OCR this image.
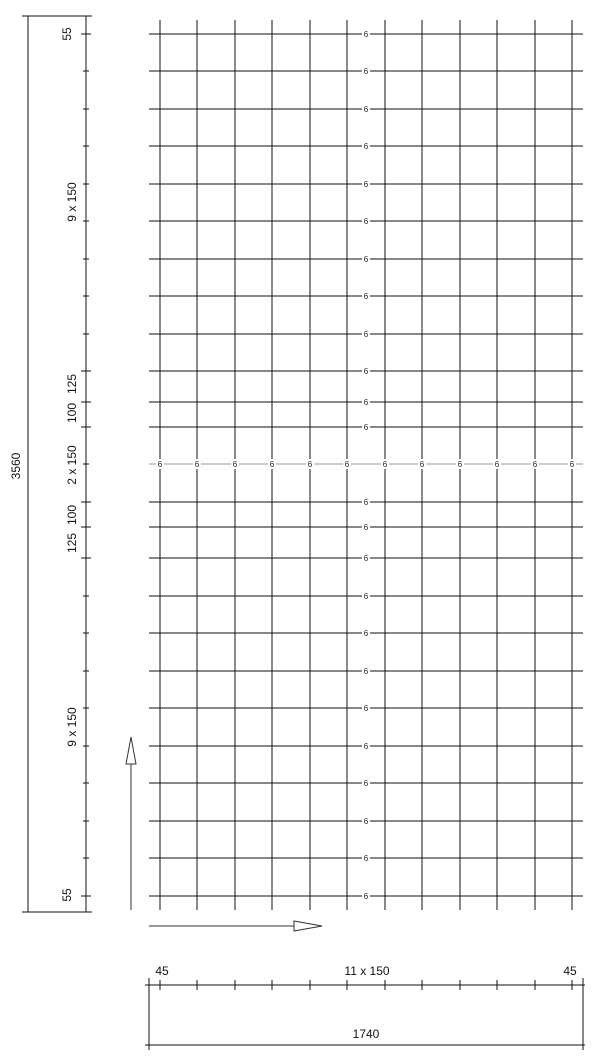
6
6
6
6
6
6
6
6
6
6
6
6
6	6	6	6	6	6	6	6	6	6	6	6
6
6
6
6
6
6
6
6
6
6
6
6
3560
55
9 x 150
125
100
2 x 150
100
125
9 x 150
55
45	11 x 150	45
1740
